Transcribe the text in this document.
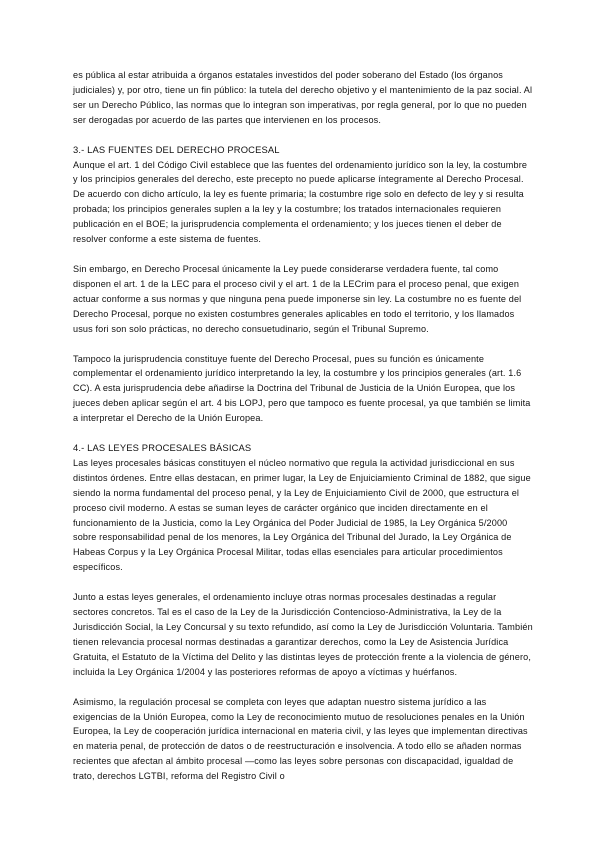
es pública al estar atribuida a órganos estatales investidos del poder soberano del Estado (los órganos judiciales) y, por otro, tiene un fin público: la tutela del derecho objetivo y el mantenimiento de la paz social. Al ser un Derecho Público, las normas que lo integran son imperativas, por regla general, por lo que no pueden ser derogadas por acuerdo de las partes que intervienen en los procesos.

3.- LAS FUENTES DEL DERECHO PROCESAL

Aunque el art. 1 del Código Civil establece que las fuentes del ordenamiento jurídico son la ley, la costumbre y los principios generales del derecho, este precepto no puede aplicarse íntegramente al Derecho Procesal. De acuerdo con dicho artículo, la ley es fuente primaria; la costumbre rige solo en defecto de ley y si resulta probada; los principios generales suplen a la ley y la costumbre; los tratados internacionales requieren publicación en el BOE; la jurisprudencia complementa el ordenamiento; y los jueces tienen el deber de resolver conforme a este sistema de fuentes.

Sin embargo, en Derecho Procesal únicamente la Ley puede considerarse verdadera fuente, tal como disponen el art. 1 de la LEC para el proceso civil y el art. 1 de la LECrim para el proceso penal, que exigen actuar conforme a sus normas y que ninguna pena puede imponerse sin ley. La costumbre no es fuente del Derecho Procesal, porque no existen costumbres generales aplicables en todo el territorio, y los llamados usus fori son solo prácticas, no derecho consuetudinario, según el Tribunal Supremo.

Tampoco la jurisprudencia constituye fuente del Derecho Procesal, pues su función es únicamente complementar el ordenamiento jurídico interpretando la ley, la costumbre y los principios generales (art. 1.6 CC). A esta jurisprudencia debe añadirse la Doctrina del Tribunal de Justicia de la Unión Europea, que los jueces deben aplicar según el art. 4 bis LOPJ, pero que tampoco es fuente procesal, ya que también se limita a interpretar el Derecho de la Unión Europea.

4.- LAS LEYES PROCESALES BÁSICAS

Las leyes procesales básicas constituyen el núcleo normativo que regula la actividad jurisdiccional en sus distintos órdenes. Entre ellas destacan, en primer lugar, la Ley de Enjuiciamiento Criminal de 1882, que sigue siendo la norma fundamental del proceso penal, y la Ley de Enjuiciamiento Civil de 2000, que estructura el proceso civil moderno. A estas se suman leyes de carácter orgánico que inciden directamente en el funcionamiento de la Justicia, como la Ley Orgánica del Poder Judicial de 1985, la Ley Orgánica 5/2000 sobre responsabilidad penal de los menores, la Ley Orgánica del Tribunal del Jurado, la Ley Orgánica de Habeas Corpus y la Ley Orgánica Procesal Militar, todas ellas esenciales para articular procedimientos específicos.

Junto a estas leyes generales, el ordenamiento incluye otras normas procesales destinadas a regular sectores concretos. Tal es el caso de la Ley de la Jurisdicción Contencioso-Administrativa, la Ley de la Jurisdicción Social, la Ley Concursal y su texto refundido, así como la Ley de Jurisdicción Voluntaria. También tienen relevancia procesal normas destinadas a garantizar derechos, como la Ley de Asistencia Jurídica Gratuita, el Estatuto de la Víctima del Delito y las distintas leyes de protección frente a la violencia de género, incluida la Ley Orgánica 1/2004 y las posteriores reformas de apoyo a víctimas y huérfanos.

Asimismo, la regulación procesal se completa con leyes que adaptan nuestro sistema jurídico a las exigencias de la Unión Europea, como la Ley de reconocimiento mutuo de resoluciones penales en la Unión Europea, la Ley de cooperación jurídica internacional en materia civil, y las leyes que implementan directivas en materia penal, de protección de datos o de reestructuración e insolvencia. A todo ello se añaden normas recientes que afectan al ámbito procesal —como las leyes sobre personas con discapacidad, igualdad de trato, derechos LGTBI, reforma del Registro Civil o
